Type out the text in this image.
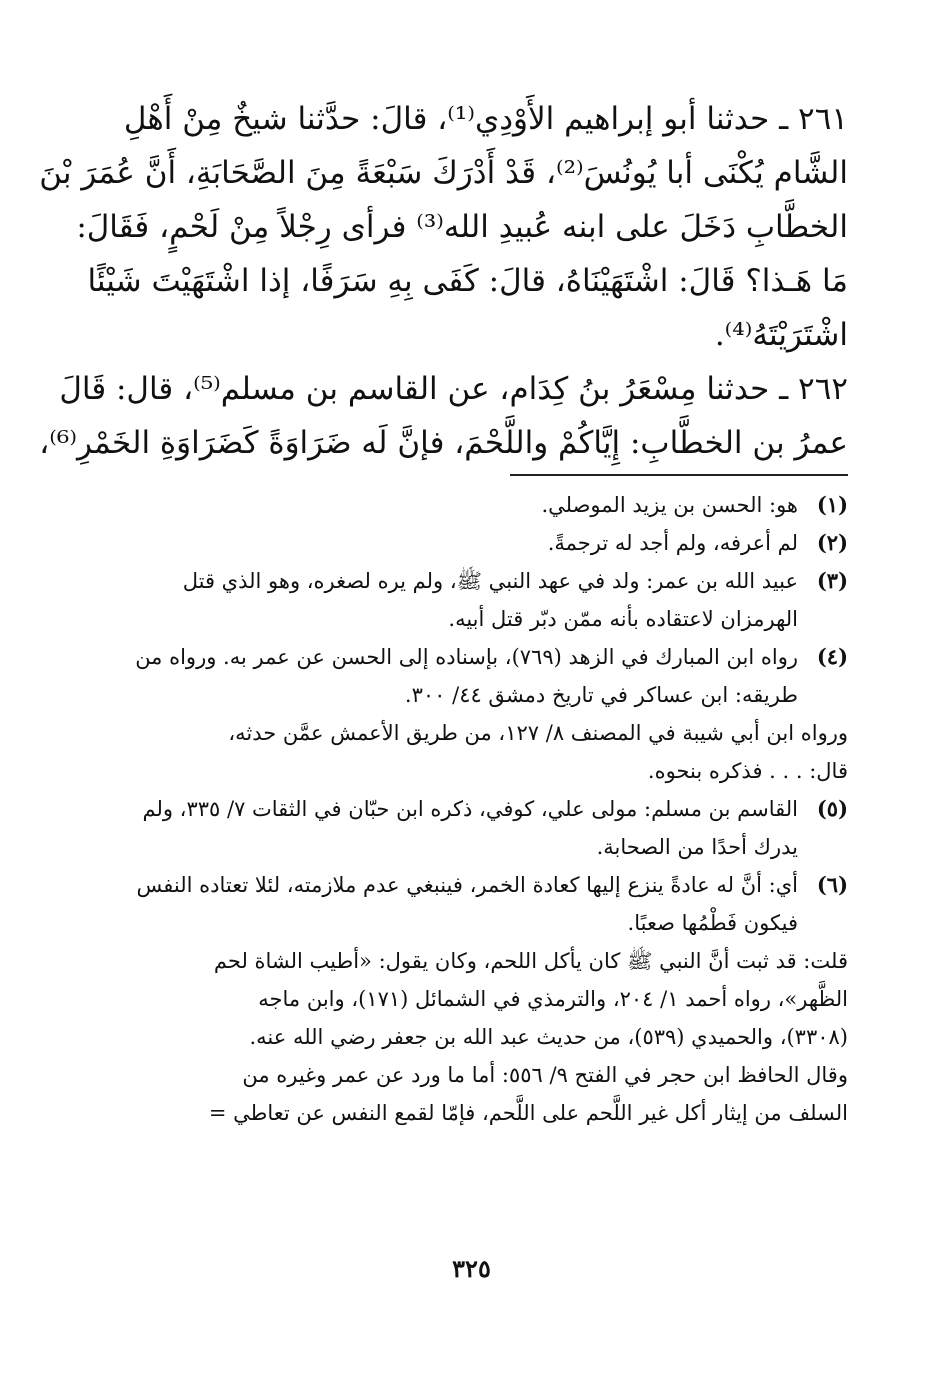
٢٦١ ـ حدثنا أبو إبراهيم الأَوْدِي⁽¹⁾، قالَ: حدَّثنا شيخٌ مِنْ أَهْلِ
الشَّام يُكْنَى أبا يُونُسَ⁽²⁾، قَدْ أَدْرَكَ سَبْعَةً مِنَ الصَّحَابَةِ، أَنَّ عُمَرَ بْنَ
الخطَّابِ دَخَلَ على ابنه عُبيدِ الله⁽³⁾ فرأى رِجْلاً مِنْ لَحْمٍ، فَقَالَ:
مَا هَـذا؟ قَالَ: اشْتَهَيْنَاهُ، قالَ: كَفَى بِهِ سَرَفًا، إذا اشْتَهَيْتَ شَيْئًا
اشْتَرَيْتَهُ⁽⁴⁾.
٢٦٢ ـ حدثنا مِسْعَرُ بنُ كِدَام، عن القاسم بن مسلم⁽⁵⁾، قال: قَالَ
عمرُ بن الخطَّابِ: إِيَّاكُمْ واللَّحْمَ، فإنَّ لَه ضَرَاوَةً كَضَرَاوَةِ الخَمْرِ⁽⁶⁾،
(١)
هو: الحسن بن يزيد الموصلي.
(٢)
لم أعرفه، ولم أجد له ترجمةً.
(٣)
عبيد الله بن عمر: ولد في عهد النبي ﷺ، ولم يره لصغره، وهو الذي قتل
الهرمزان لاعتقاده بأنه ممّن دبّر قتل أبيه.
(٤)
رواه ابن المبارك في الزهد (٧٦٩)، بإسناده إلى الحسن عن عمر به. ورواه من
طريقه: ابن عساكر في تاريخ دمشق ٤٤/ ٣٠٠.
ورواه ابن أبي شيبة في المصنف ٨/ ١٢٧، من طريق الأعمش عمَّن حدثه،
قال: . . . فذكره بنحوه.
(٥)
القاسم بن مسلم: مولى علي، كوفي، ذكره ابن حبّان في الثقات ٧/ ٣٣٥، ولم
يدرك أحدًا من الصحابة.
(٦)
أي: أنَّ له عادةً ينزع إليها كعادة الخمر، فينبغي عدم ملازمته، لئلا تعتاده النفس
فيكون فَطْمُها صعبًا.
قلت: قد ثبت أنَّ النبي ﷺ كان يأكل اللحم، وكان يقول: «أطيب الشاة لحم
الظَّهر»، رواه أحمد ١/ ٢٠٤، والترمذي في الشمائل (١٧١)، وابن ماجه
(٣٣٠٨)، والحميدي (٥٣٩)، من حديث عبد الله بن جعفر رضي الله عنه.
وقال الحافظ ابن حجر في الفتح ٩/ ٥٥٦: أما ما ورد عن عمر وغيره من
السلف من إيثار أكل غير اللَّحم على اللَّحم، فإمّا لقمع النفس عن تعاطي =
٣٢٥
